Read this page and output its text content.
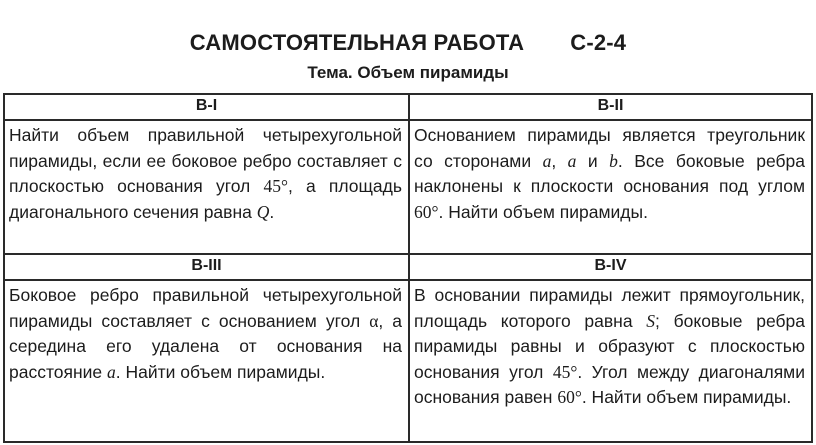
САМОСТОЯТЕЛЬНАЯ РАБОТА С-2-4
Тема. Объем пирамиды
В-I	В-II
Найти объем правильной четырехугольной пирамиды, если ее боковое ребро составляет с плоскостью основания угол 45°, а площадь диагонального сечения равна Q.	Основанием пирамиды является треугольник со сторонами a, a и b. Все боковые ребра наклонены к плоскости основания под углом 60°. Найти объем пирамиды.
В-III	В-IV
Боковое ребро правильной четырехугольной пирамиды составляет с основанием угол α, а середина его удалена от основания на расстояние a. Найти объем пирамиды.	В основании пирамиды лежит прямоугольник, площадь которого равна S; боковые ребра пирамиды равны и образуют с плоскостью основания угол 45°. Угол между диагоналями основания равен 60°. Найти объем пирамиды.
